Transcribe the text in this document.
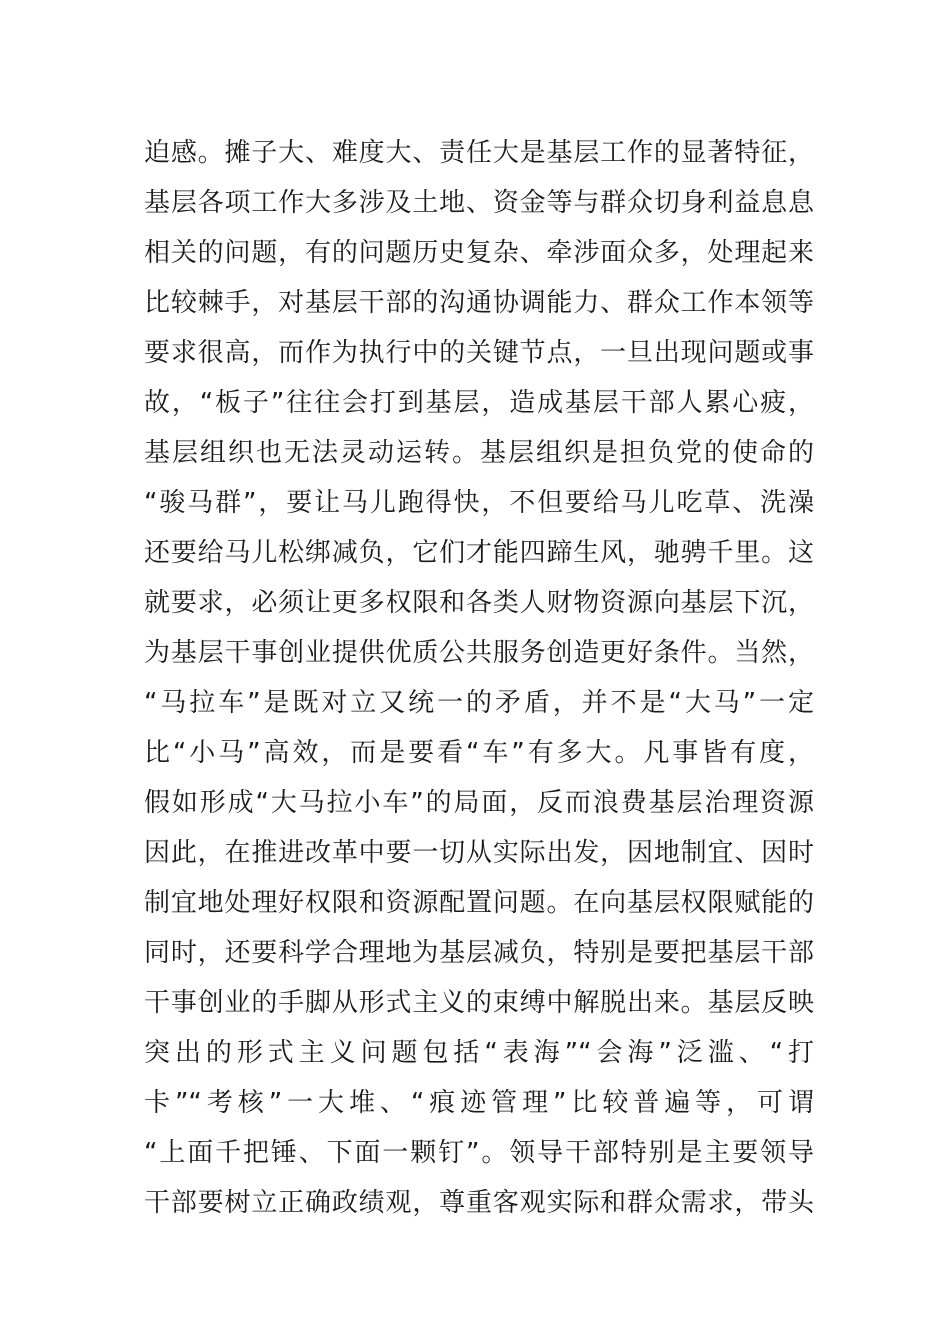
迫感。摊子大、难度大、责任大是基层工作的显著特征，
基层各项工作大多涉及土地、资金等与群众切身利益息息
相关的问题，有的问题历史复杂、牵涉面众多，处理起来
比较棘手，对基层干部的沟通协调能力、群众工作本领等
要求很高，而作为执行中的关键节点，一旦出现问题或事
故，“板子”往往会打到基层，造成基层干部人累心疲，
基层组织也无法灵动运转。基层组织是担负党的使命的
“骏马群”，要让马儿跑得快，不但要给马儿吃草、洗澡
还要给马儿松绑减负，它们才能四蹄生风，驰骋千里。这
就要求，必须让更多权限和各类人财物资源向基层下沉，
为基层干事创业提供优质公共服务创造更好条件。当然，
“马拉车”是既对立又统一的矛盾，并不是“大马”一定
比“小马”高效，而是要看“车”有多大。凡事皆有度，
假如形成“大马拉小车”的局面，反而浪费基层治理资源
因此，在推进改革中要一切从实际出发，因地制宜、因时
制宜地处理好权限和资源配置问题。在向基层权限赋能的
同时，还要科学合理地为基层减负，特别是要把基层干部
干事创业的手脚从形式主义的束缚中解脱出来。基层反映
突出的形式主义问题包括“表海”“会海”泛滥、“打
卡”“考核”一大堆、“痕迹管理”比较普遍等，可谓
“上面千把锤、下面一颗钉”。领导干部特别是主要领导
干部要树立正确政绩观，尊重客观实际和群众需求，带头
